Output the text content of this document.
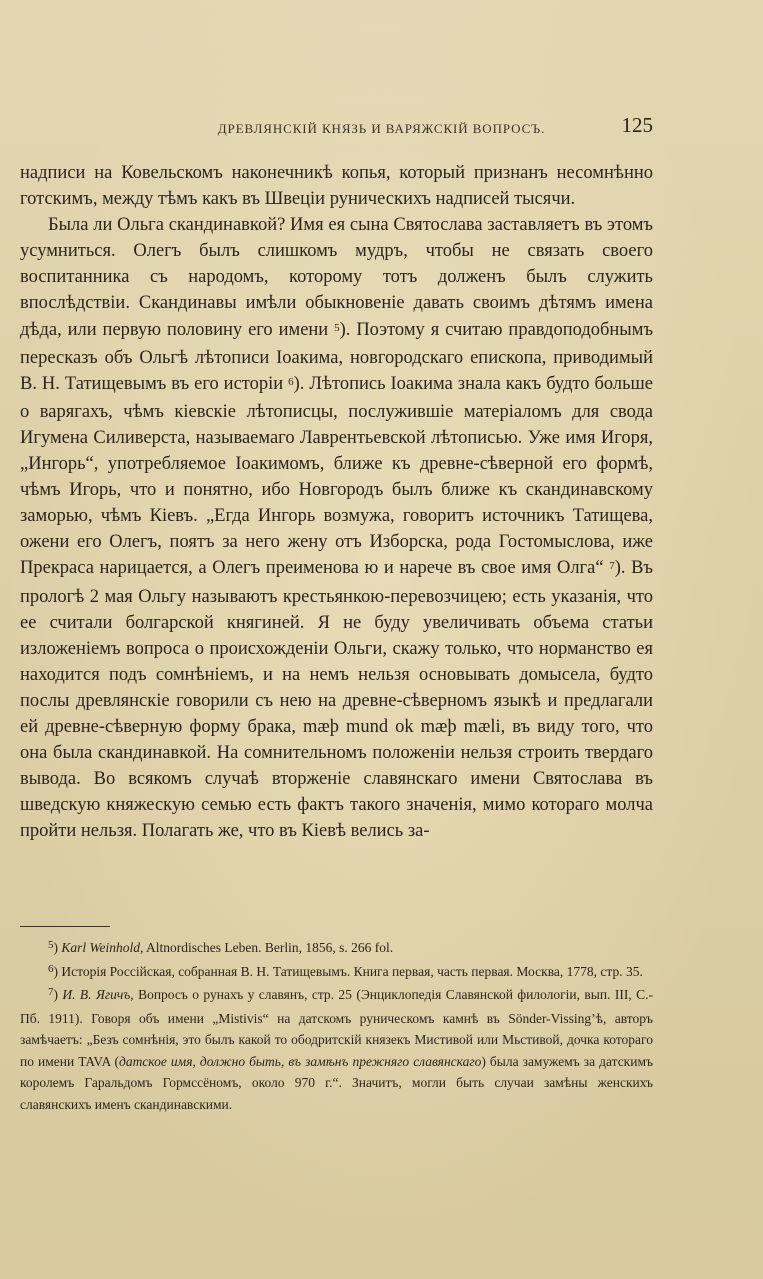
ДРЕВЛЯНСКІЙ КНЯЗЬ И ВАРЯЖСКІЙ ВОПРОСЪ.	125

надписи на Ковельскомъ наконечникѣ копья, который признанъ несомнѣнно готскимъ, между тѣмъ какъ въ Швеціи руническихъ надписей тысячи.

Была ли Ольга скандинавкой? Имя ея сына Святослава заставляетъ въ этомъ усумниться. Олегъ былъ слишкомъ мудръ, чтобы не связать своего воспитанника съ народомъ, которому тотъ долженъ былъ служить впослѣдствіи. Скандинавы имѣли обыкновеніе давать своимъ дѣтямъ имена дѣда, или первую половину его имени $^5$). Поэтому я считаю правдоподобнымъ пересказъ объ Ольгѣ лѣтописи Іоакима, новгородскаго епископа, приводимый В. Н. Татищевымъ въ его исторіи $^6$). Лѣтопись Іоакима знала какъ будто больше о варягахъ, чѣмъ кіевскіе лѣтописцы, послужившіе матеріаломъ для свода Игумена Силиверста, называемаго Лаврентьевской лѣтописью. Уже имя Игоря, „Ингорь“, употребляемое Іоакимомъ, ближе къ древне-сѣверной его формѣ, чѣмъ Игорь, что и понятно, ибо Новгородъ былъ ближе къ скандинавскому заморью, чѣмъ Кіевъ. „Егда Ингорь возмужа, говоритъ источникъ Татищева, ожени его Олегъ, поятъ за него жену отъ Изборска, рода Гостомыслова, иже Прекраса нарицается, а Олегъ преименова ю и нарече въ свое имя Олга“ $^7$). Въ прологѣ 2 мая Ольгу называютъ крестьянкою-перевозчицею; есть указанія, что ее считали болгарской княгиней. Я не буду увеличивать объема статьи изложеніемъ вопроса о происхожденіи Ольги, скажу только, что норманство ея находится подъ сомнѣніемъ, и на немъ нельзя основывать домысела, будто послы древлянскіе говорили съ нею на древне-сѣверномъ языкѣ и предлагали ей древне-сѣверную форму брака, mæþ mund ok mæþ mæli, въ виду того, что она была скандинавкой. На сомнительномъ положеніи нельзя строить твердаго вывода. Во всякомъ случаѣ вторженіе славянскаго имени Святослава въ шведскую княжескую семью есть фактъ такого значенія, мимо котораго молча пройти нельзя. Полагать же, что въ Кіевѣ велись за-

$^5$) Karl Weinhold, Altnordisches Leben. Berlin, 1856, s. 266 fol.

$^6$) Исторія Россійская, собранная В. Н. Татищевымъ. Книга первая, часть первая. Москва, 1778, стр. 35.

$^7$) И. В. Ягичъ, Вопросъ о рунахъ у славянъ, стр. 25 (Энциклопедія Славянской филологіи, вып. III, С.-Пб. 1911). Говоря объ имени „Mistivis“ на датскомъ руническомъ камнѣ въ Sönder-Vissing’ѣ, авторъ замѣчаетъ: „Безъ сомнѣнія, это былъ какой то ободритскій князекъ Мистивой или Мьстивой, дочка котораго по имени TAVA (датское имя, должно быть, въ замѣнъ прежняго славянскаго) была замужемъ за датскимъ королемъ Гаральдомъ Гормссёномъ, около 970 г.“. Значитъ, могли быть случаи замѣны женскихъ славянскихъ именъ скандинавскими.
